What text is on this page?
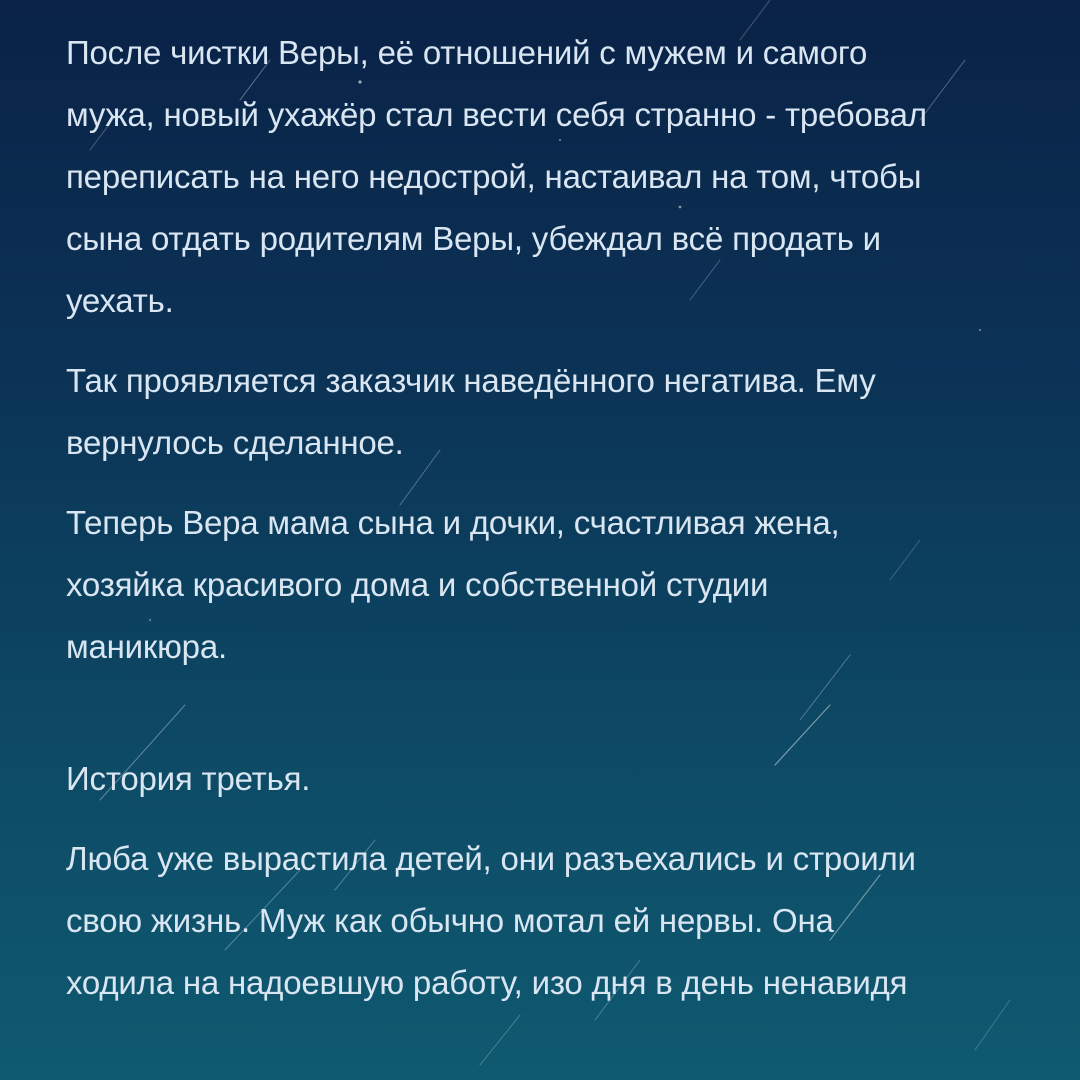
После чистки Веры, её отношений с мужем и самого
мужа, новый ухажёр стал вести себя странно - требовал
переписать на него недострой, настаивал на том, чтобы
сына отдать родителям Веры, убеждал всё продать и
уехать.

Так проявляется заказчик наведённого негатива. Ему
вернулось сделанное.

Теперь Вера мама сына и дочки, счастливая жена,
хозяйка красивого дома и собственной студии
маникюра.

История третья.

Люба уже вырастила детей, они разъехались и строили
свою жизнь. Муж как обычно мотал ей нервы. Она
ходила на надоевшую работу, изо дня в день ненавидя
